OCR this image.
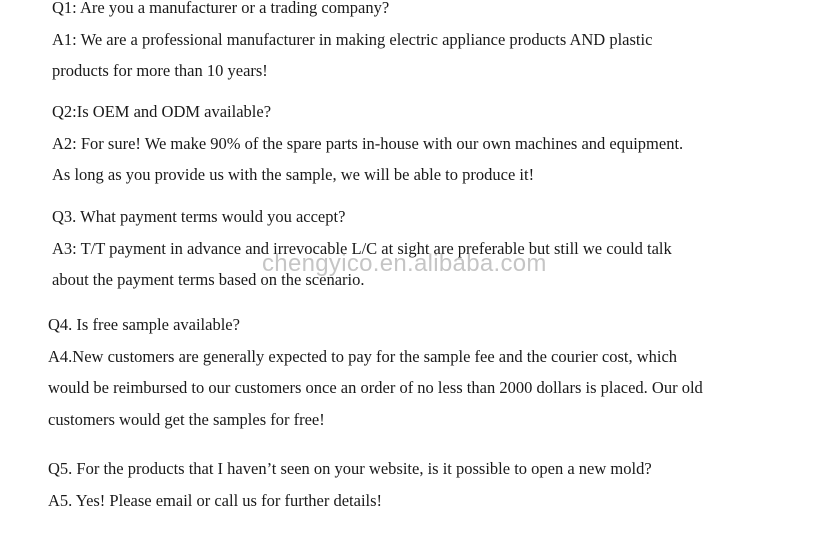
Q1: Are you a manufacturer or a trading company?
A1: We are a professional manufacturer in making electric appliance products AND plastic
products for more than 10 years!
Q2:Is OEM and ODM available?
A2: For sure! We make 90% of the spare parts in-house with our own machines and equipment.
As long as you provide us with the sample, we will be able to produce it!
Q3. What payment terms would you accept?
A3: T/T payment in advance and irrevocable L/C at sight are preferable but still we could talk
about the payment terms based on the scenario.
Q4. Is free sample available?
A4.New customers are generally expected to pay for the sample fee and the courier cost, which
would be reimbursed to our customers once an order of no less than 2000 dollars is placed. Our old
customers would get the samples for free!
Q5. For the products that I haven’t seen on your website, is it possible to open a new mold?
A5. Yes! Please email or call us for further details!
chengyico.en.alibaba.com
